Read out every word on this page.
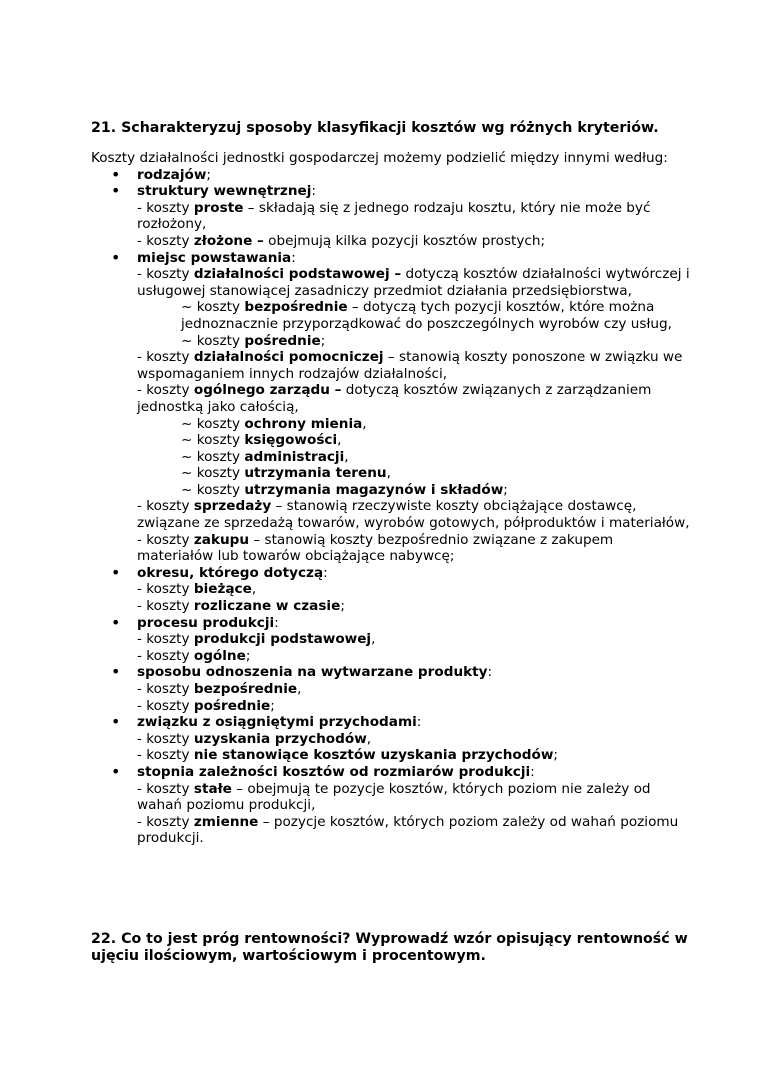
21. Scharakteryzuj sposoby klasyfikacji kosztów wg różnych kryteriów.

Koszty działalności jednostki gospodarczej możemy podzielić między innymi według:

• rodzajów;
• struktury wewnętrznej:
- koszty proste – składają się z jednego rodzaju kosztu, który nie może być rozłożony,
- koszty złożone – obejmują kilka pozycji kosztów prostych;
• miejsc powstawania:
- koszty działalności podstawowej – dotyczą kosztów działalności wytwórczej i usługowej stanowiącej zasadniczy przedmiot działania przedsiębiorstwa,
~ koszty bezpośrednie – dotyczą tych pozycji kosztów, które można jednoznacznie przyporządkować do poszczególnych wyrobów czy usług,
~ koszty pośrednie;
- koszty działalności pomocniczej – stanowią koszty ponoszone w związku we wspomaganiem innych rodzajów działalności,
- koszty ogólnego zarządu – dotyczą kosztów związanych z zarządzaniem jednostką jako całością,
~ koszty ochrony mienia,
~ koszty księgowości,
~ koszty administracji,
~ koszty utrzymania terenu,
~ koszty utrzymania magazynów i składów;
- koszty sprzedaży – stanowią rzeczywiste koszty obciążające dostawcę, związane ze sprzedażą towarów, wyrobów gotowych, półproduktów i materiałów,
- koszty zakupu – stanowią koszty bezpośrednio związane z zakupem materiałów lub towarów obciążające nabywcę;
• okresu, którego dotyczą:
- koszty bieżące,
- koszty rozliczane w czasie;
• procesu produkcji:
- koszty produkcji podstawowej,
- koszty ogólne;
• sposobu odnoszenia na wytwarzane produkty:
- koszty bezpośrednie,
- koszty pośrednie;
• związku z osiągniętymi przychodami:
- koszty uzyskania przychodów,
- koszty nie stanowiące kosztów uzyskania przychodów;
• stopnia zależności kosztów od rozmiarów produkcji:
- koszty stałe – obejmują te pozycje kosztów, których poziom nie zależy od wahań poziomu produkcji,
- koszty zmienne – pozycje kosztów, których poziom zależy od wahań poziomu produkcji.
22. Co to jest próg rentowności? Wyprowadź wzór opisujący rentowność w ujęciu ilościowym, wartościowym i procentowym.
